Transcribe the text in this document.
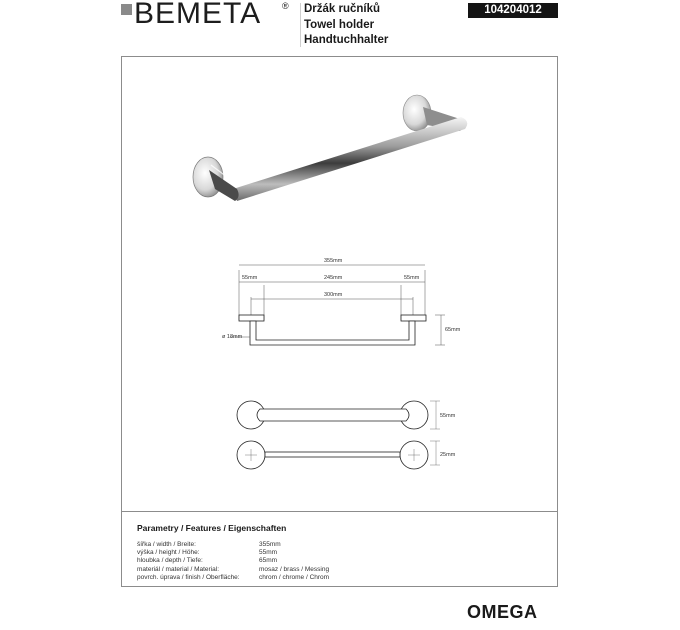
BEMETA ® Držák ručníků
Towel holder
Handtuchhalter
104204012
355mm
55mm	245mm	55mm
300mm
65mm
ø 18mm
55mm
25mm
Parametry / Features / Eigenschaften
šířka / width / Breite:	355mm
výška / height / Höhe:	55mm
hloubka / depth / Tiefe:	65mm
materiál / material / Material:	mosaz / brass / Messing
povrch. úprava / finish / Oberfläche:	chrom / chrome / Chrom
OMEGA
